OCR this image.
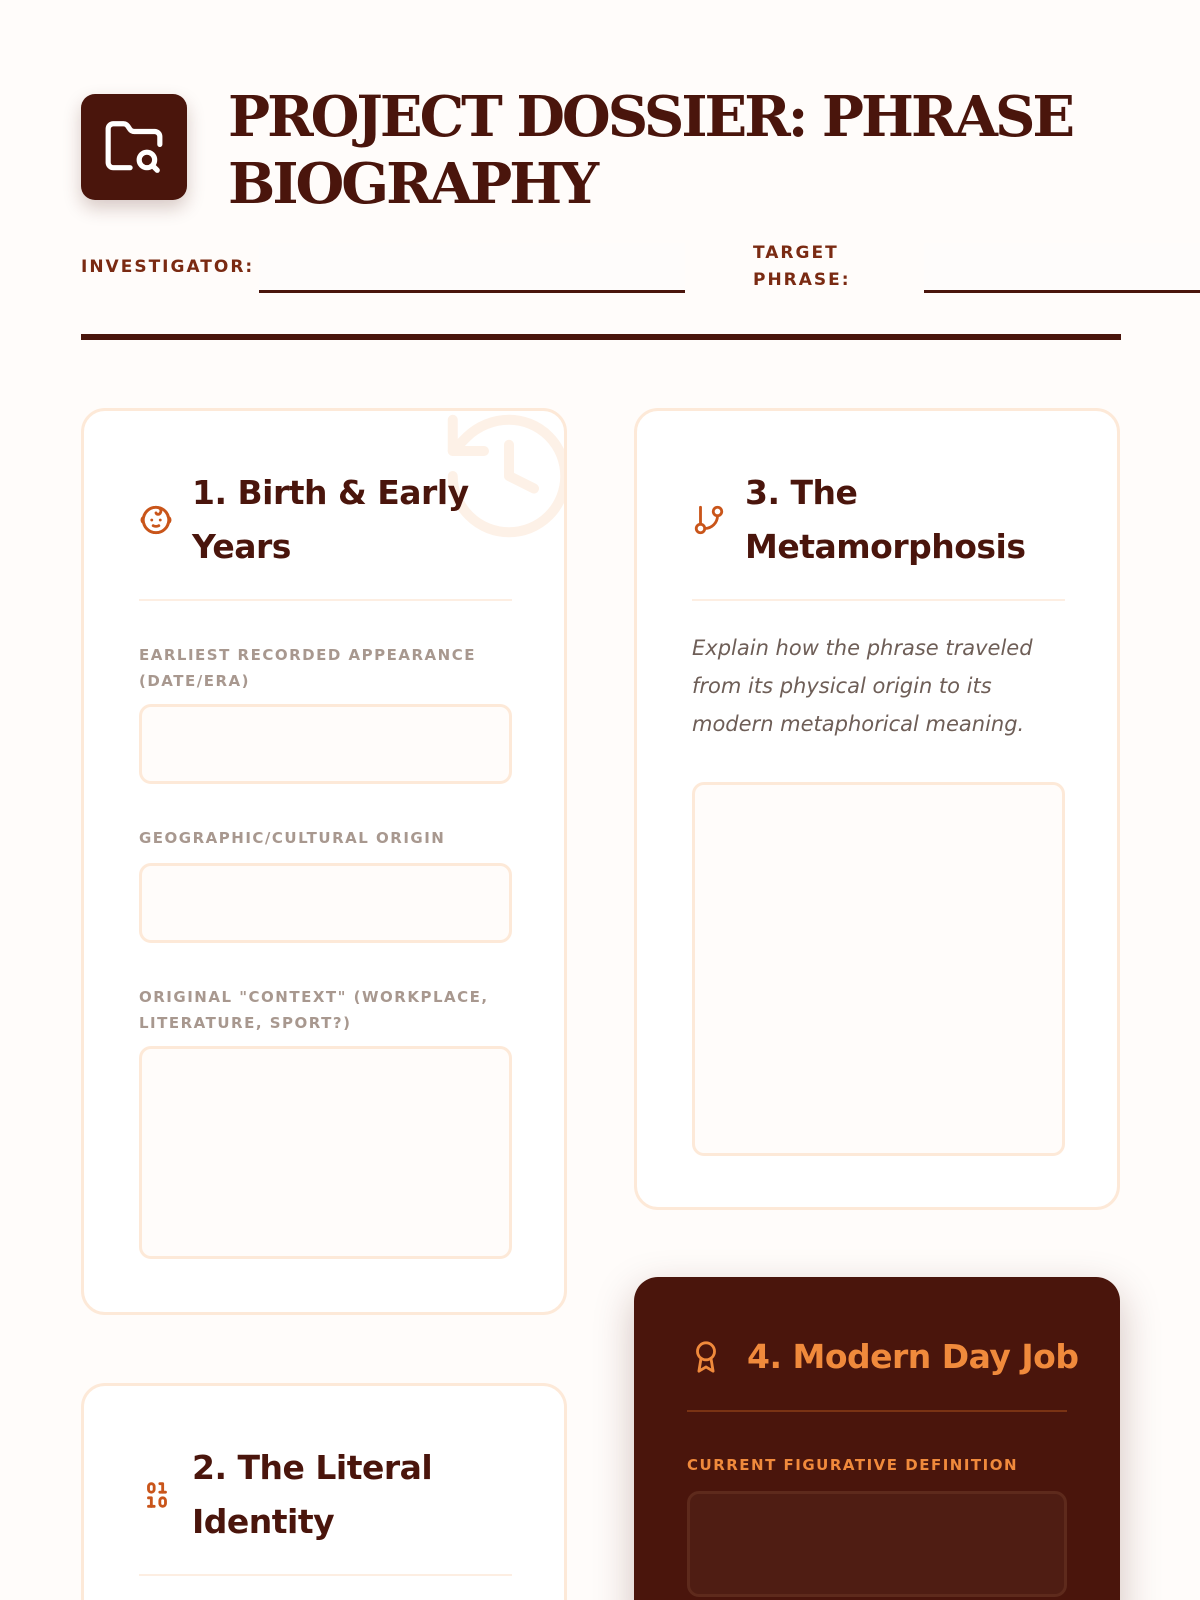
PROJECT DOSSIER: PHRASE BIOGRAPHY
INVESTIGATOR:
TARGET
PHRASE:
1. Birth & Early Years
EARLIEST RECORDED APPEARANCE (DATE/ERA)
GEOGRAPHIC/CULTURAL ORIGIN
ORIGINAL "CONTEXT" (WORKPLACE, LITERATURE, SPORT?)
2. The Literal Identity
3. The Metamorphosis
Explain how the phrase traveled from its physical origin to its modern metaphorical meaning.
4. Modern Day Job
CURRENT FIGURATIVE DEFINITION
